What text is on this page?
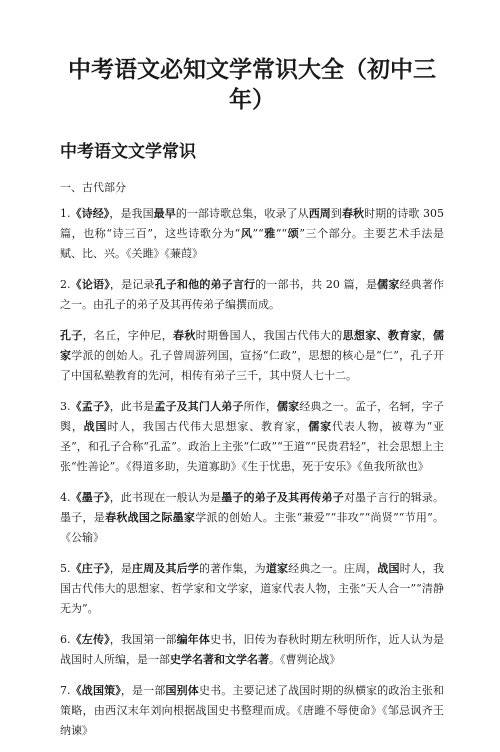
中考语文必知文学常识大全（初中三年）
中考语文文学常识
一、古代部分

1.《诗经》，是我国最早的一部诗歌总集，收录了从西周到春秋时期的诗歌 305 篇，也称“诗三百”，这些诗歌分为“风”“雅”“颂”三个部分。主要艺术手法是赋、比、兴。《关雎》《蒹葭》

2.《论语》，是记录孔子和他的弟子言行的一部书，共 20 篇，是儒家经典著作之一。由孔子的弟子及其再传弟子编撰而成。

孔子，名丘，字仲尼，春秋时期鲁国人，我国古代伟大的思想家、教育家，儒家学派的创始人。孔子曾周游列国，宣扬“仁政”，思想的核心是“仁”，孔子开了中国私塾教育的先河，相传有弟子三千，其中贤人七十二。

3.《孟子》，此书是孟子及其门人弟子所作，儒家经典之一。孟子，名轲，字子舆，战国时人，我国古代伟大思想家、教育家，儒家代表人物，被尊为“亚圣”，和孔子合称“孔孟”。政治上主张“仁政”“王道”“民贵君轻”，社会思想上主张“性善论”。《得道多助，失道寡助》《生于忧患，死于安乐》《鱼我所欲也》

4.《墨子》，此书现在一般认为是墨子的弟子及其再传弟子对墨子言行的辑录。墨子，是春秋战国之际墨家学派的创始人。主张“兼爱”“非攻”“尚贤”“节用”。《公输》

5.《庄子》，是庄周及其后学的著作集，为道家经典之一。庄周，战国时人，我国古代伟大的思想家、哲学家和文学家，道家代表人物，主张“天人合一”“清静无为”。

6.《左传》，我国第一部编年体史书，旧传为春秋时期左秋明所作，近人认为是战国时人所编，是一部史学名著和文学名著。《曹刿论战》

7.《战国策》，是一部国别体史书。主要记述了战国时期的纵横家的政治主张和策略，由西汉末年刘向根据战国史书整理而成。《唐雎不辱使命》《邹忌讽齐王纳谏》
